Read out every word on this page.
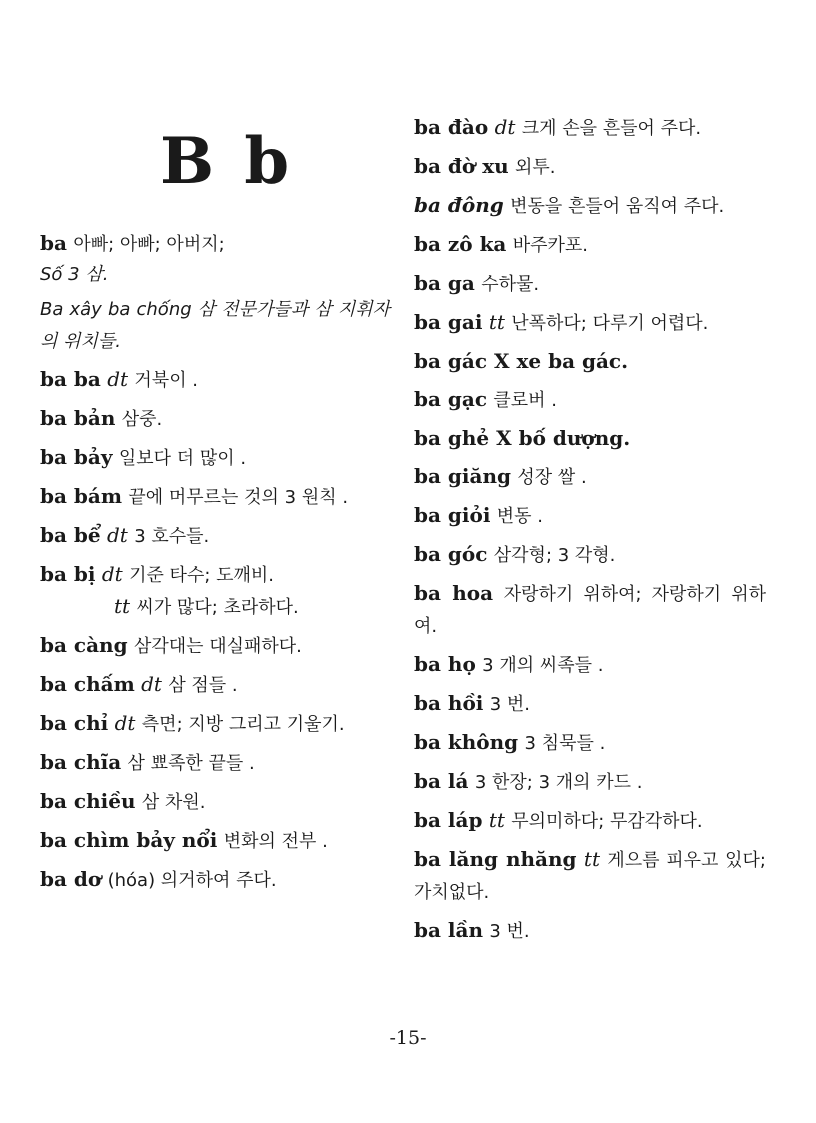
B b
ba 아빠; 아빠; 아버지;
Số 3 삼.
Ba xây ba chống 삼 전문가들과 삼 지휘자의 위치들.
ba ba dt 거북이 .
ba bản 삼중.
ba bảy 일보다 더 많이 .
ba bám 끝에 머무르는 것의 3 원칙 .
ba bể dt 3 호수들.
ba bị dt 기준 타수; 도깨비.
tt 씨가 많다; 초라하다.
ba càng 삼각대는 대실패하다.
ba chấm dt 삼 점들 .
ba chỉ dt 측면; 지방 그리고 기울기.
ba chĩa 삼 뾰족한 끝들 .
ba chiều 삼 차원.
ba chìm bảy nổi 변화의 전부 .
ba dơ (hóa) 의거하여 주다.
ba đào dt 크게 손을 흔들어 주다.
ba đờ xu 외투.
ba đông 변동을 흔들어 움직여 주다.
ba zô ka 바주카포.
ba ga 수하물.
ba gai tt 난폭하다; 다루기 어렵다.
ba gác X xe ba gác.
ba gạc 클로버 .
ba ghẻ X bố dượng.
ba giăng 성장 쌀 .
ba giỏi 변동 .
ba góc 삼각형; 3 각형.
ba hoa 자랑하기 위하여; 자랑하기 위하여.
ba họ 3 개의 씨족들 .
ba hồi 3 번.
ba không 3 침묵들 .
ba lá 3 한장; 3 개의 카드 .
ba láp tt 무의미하다; 무감각하다.
ba lăng nhăng tt 게으름 피우고 있다; 가치없다.
ba lần 3 번.
-15-
